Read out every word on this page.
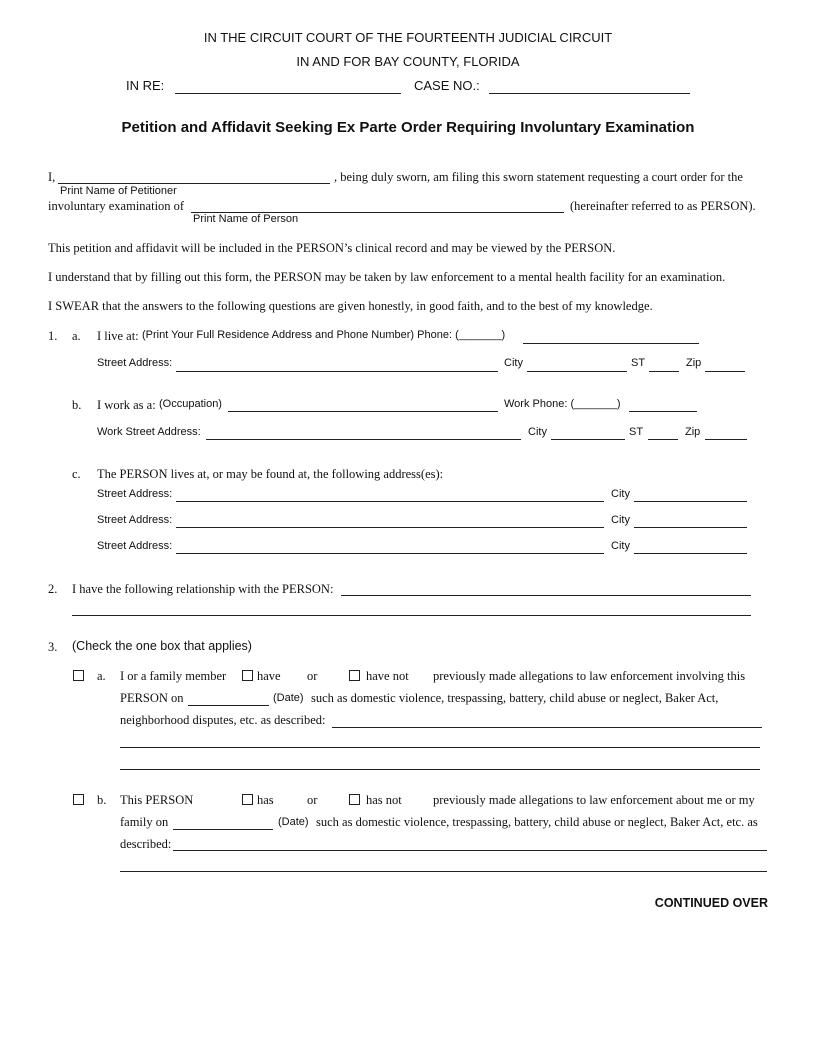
IN THE CIRCUIT COURT OF THE FOURTEENTH JUDICIAL CIRCUIT
IN AND FOR BAY COUNTY, FLORIDA
IN RE:	CASE NO.:
Petition and Affidavit Seeking Ex Parte Order Requiring Involuntary Examination
I,	, being duly sworn, am filing this sworn statement requesting a court order for the
Print Name of Petitioner
involuntary examination of	(hereinafter referred to as PERSON).
Print Name of Person
This petition and affidavit will be included in the PERSON’s clinical record and may be viewed by the PERSON.
I understand that by filling out this form, the PERSON may be taken by law enforcement to a mental health facility for an examination.
I SWEAR that the answers to the following questions are given honestly, in good faith, and to the best of my knowledge.
1. a. I live at: (Print Your Full Residence Address and Phone Number) Phone: (_______)
Street Address:	City	ST	Zip
b. I work as a: (Occupation)	Work Phone: (_______)
Work Street Address:	City	ST	Zip
c. The PERSON lives at, or may be found at, the following address(es):
Street Address:	City
Street Address:	City
Street Address:	City
2. I have the following relationship with the PERSON:
3. (Check the one box that applies)
a. I or a family member have or	have not previously made allegations to law enforcement involving this
PERSON on	(Date) such as domestic violence, trespassing, battery, child abuse or neglect, Baker Act,
neighborhood disputes, etc. as described:
b. This PERSON	has	or	has not previously made allegations to law enforcement about me or my
family on	(Date) such as domestic violence, trespassing, battery, child abuse or neglect, Baker Act, etc. as
described:
CONTINUED OVER
